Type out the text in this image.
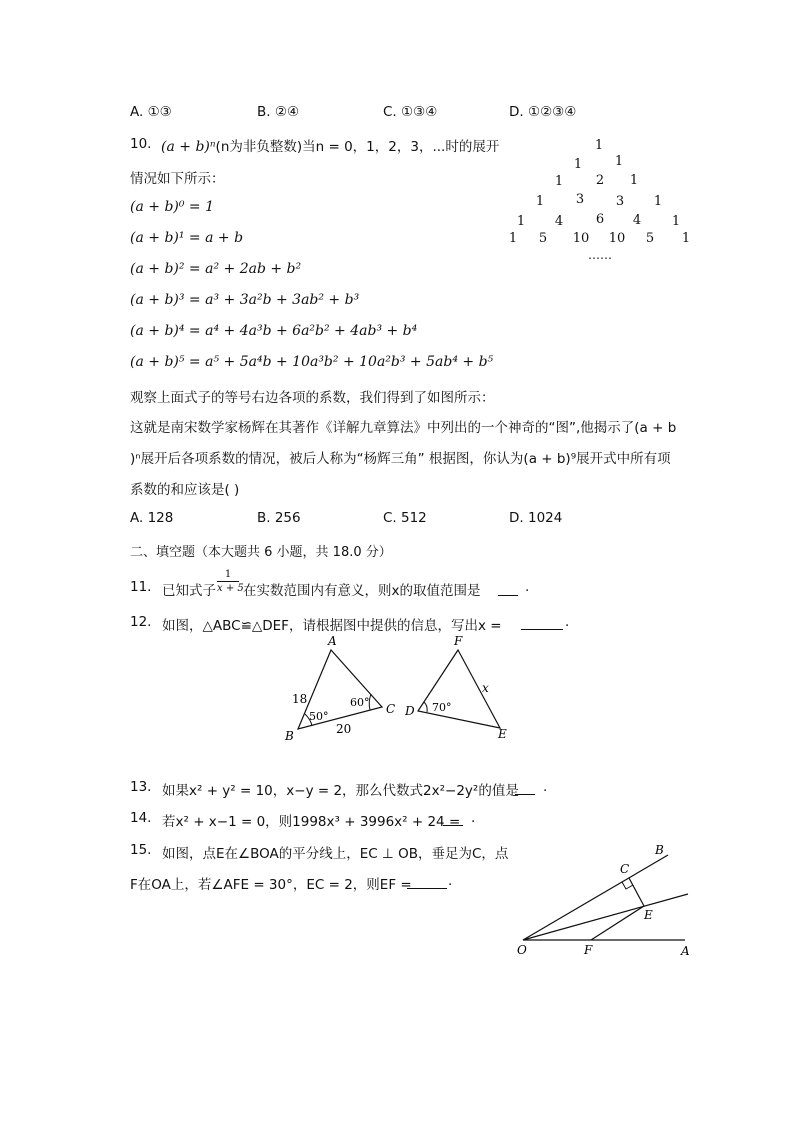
A. ①③	B. ②④	C. ①③④	D. ①②③④
10. (a + b)ⁿ(n为非负整数)当n = 0，1，2，3，...时的展开
情况如下所示：
(a + b)⁰ = 1
(a + b)¹ = a + b
(a + b)² = a² + 2ab + b²
(a + b)³ = a³ + 3a²b + 3ab² + b³
(a + b)⁴ = a⁴ + 4a³b + 6a²b² + 4ab³ + b⁴
(a + b)⁵ = a⁵ + 5a⁴b + 10a³b² + 10a²b³ + 5ab⁴ + b⁵
1
1	1
1	2	1
1	3	3	1
1	4	6	4	1
1	5	10 10	5	1
……
观察上面式子的等号右边各项的系数，我们得到了如图所示：
这就是南宋数学家杨辉在其著作《详解九章算法》中列出的一个神奇的“图”,他揭示了(a + b
)ⁿ展开后各项系数的情况，被后人称为“杨辉三角” 根据图，你认为(a + b)⁹展开式中所有项
系数的和应该是( )
A. 128	B. 256	C. 512	D. 1024
二、填空题（本大题共 6 小题，共 18.0 分）
11. 已知式子
1
x + 5 在实数范围内有意义，则x的取值范围是	.
12. 如图，△ABC≌△DEF，请根据图中提供的信息，写出x =	.
A
B
C
18
20
50°
60°
F
D
E
x
70°
13. 如果x² + y² = 10，x−y = 2，那么代数式2x²−2y²的值是 .
14. 若x² + x−1 = 0，则1998x³ + 3996x² + 24 = .
15. 如图，点E在∠BOA的平分线上，EC ⊥ OB，垂足为C，点
F在OA上，若∠AFE = 30°，EC = 2，则EF =	.
O	A
B
C
E
F
